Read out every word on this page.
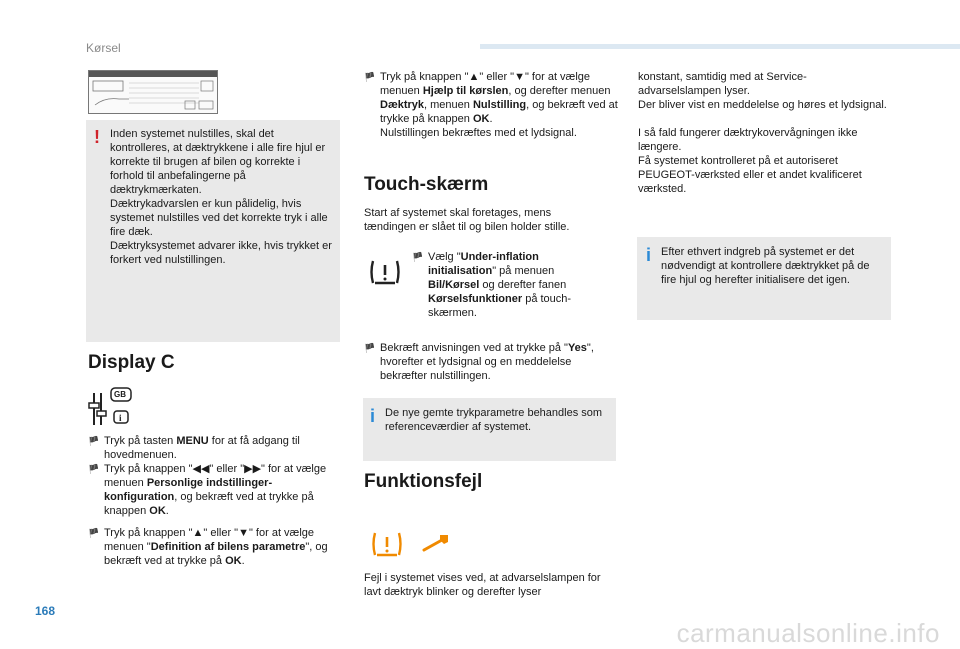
Kørsel
168
carmanualsonline.info
! Inden systemet nulstilles, skal det kontrolleres, at dæktrykkene i alle fire hjul er korrekte til brugen af bilen og korrekte i forhold til anbefalingerne på dæktrykmærkaten.

Dæktrykadvarslen er kun pålidelig, hvis systemet nulstilles ved det korrekte tryk i alle fire dæk.

Dæktryksystemet advarer ikke, hvis trykket er forkert ved nulstillingen.

Display C
GB
i
🏴 Tryk på tasten MENU for at få adgang til hovedmenuen.
🏴 Tryk på knappen "◀◀" eller "▶▶" for at vælge menuen Personlige indstillinger-konfiguration, og bekræft ved at trykke på knappen OK.
🏴 Tryk på knappen "▲" eller "▼" for at vælge menuen "Definition af bilens parametre", og bekræft ved at trykke på OK.
🏴 Tryk på knappen "▲" eller "▼" for at vælge menuen Hjælp til kørslen, og derefter menuen Dæktryk, menuen Nulstilling, og bekræft ved at trykke på knappen OK.
Nulstillingen bekræftes med et lydsignal.
Touch-skærm
Start af systemet skal foretages, mens tændingen er slået til og bilen holder stille.
🏴 Vælg "Under-inflation initialisation" på menuen Bil/Kørsel og derefter fanen Kørselsfunktioner på touch-skærmen.
🏴 Bekræft anvisningen ved at trykke på "Yes", hvorefter et lydsignal og en meddelelse bekræfter nulstillingen.
i De nye gemte trykparametre behandles som referenceværdier af systemet.
Funktionsfejl
Fejl i systemet vises ved, at advarselslampen for lavt dæktryk blinker og derefter lyser

konstant, samtidig med at Service-advarselslampen lyser.

Der bliver vist en meddelelse og høres et lydsignal.

I så fald fungerer dæktrykovervågningen ikke længere.

Få systemet kontrolleret på et autoriseret PEUGEOT-værksted eller et andet kvalificeret værksted.

i Efter ethvert indgreb på systemet er det nødvendigt at kontrollere dæktrykket på de fire hjul og herefter initialisere det igen.
